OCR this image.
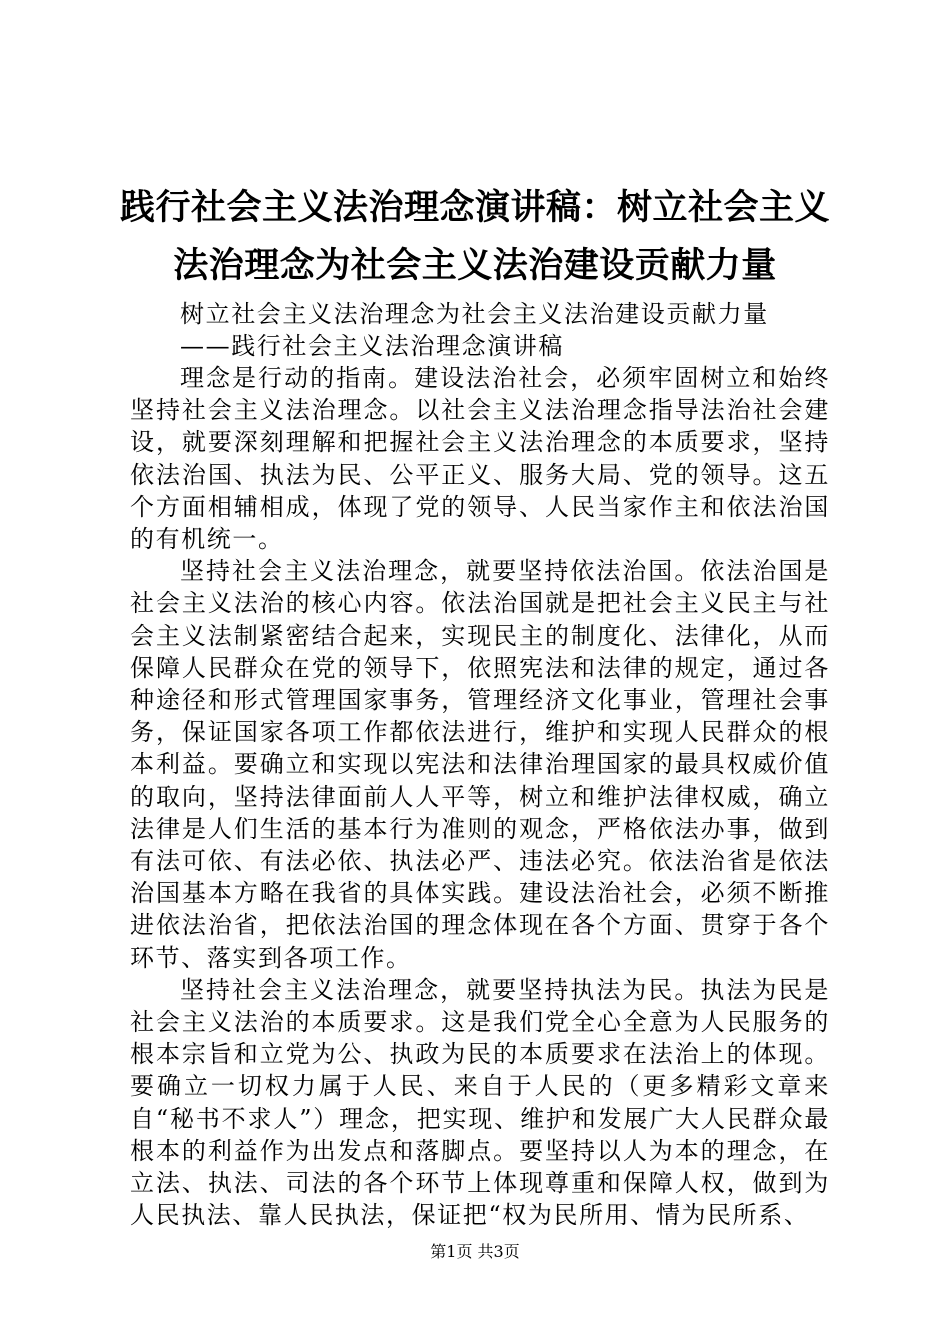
践行社会主义法治理念演讲稿：树立社会主义
法治理念为社会主义法治建设贡献力量
树立社会主义法治理念为社会主义法治建设贡献力量
——践行社会主义法治理念演讲稿

理念是行动的指南。建设法治社会，必须牢固树立和始终坚持社会主义法治理念。以社会主义法治理念指导法治社会建设，就要深刻理解和把握社会主义法治理念的本质要求，坚持依法治国、执法为民、公平正义、服务大局、党的领导。这五个方面相辅相成，体现了党的领导、人民当家作主和依法治国的有机统一。

坚持社会主义法治理念，就要坚持依法治国。依法治国是社会主义法治的核心内容。依法治国就是把社会主义民主与社会主义法制紧密结合起来，实现民主的制度化、法律化，从而保障人民群众在党的领导下，依照宪法和法律的规定，通过各种途径和形式管理国家事务，管理经济文化事业，管理社会事务，保证国家各项工作都依法进行，维护和实现人民群众的根本利益。要确立和实现以宪法和法律治理国家的最具权威价值的取向，坚持法律面前人人平等，树立和维护法律权威，确立法律是人们生活的基本行为准则的观念，严格依法办事，做到有法可依、有法必依、执法必严、违法必究。依法治省是依法治国基本方略在我省的具体实践。建设法治社会，必须不断推进依法治省，把依法治国的理念体现在各个方面、贯穿于各个环节、落实到各项工作。

坚持社会主义法治理念，就要坚持执法为民。执法为民是社会主义法治的本质要求。这是我们党全心全意为人民服务的根本宗旨和立党为公、执政为民的本质要求在法治上的体现。要确立一切权力属于人民、来自于人民的（更多精彩文章来自“秘书不求人”）理念，把实现、维护和发展广大人民群众最根本的利益作为出发点和落脚点。要坚持以人为本的理念，在立法、执法、司法的各个环节上体现尊重和保障人权，做到为人民执法、靠人民执法，保证把“权为民所用、情为民所系、

第1页 共3页
